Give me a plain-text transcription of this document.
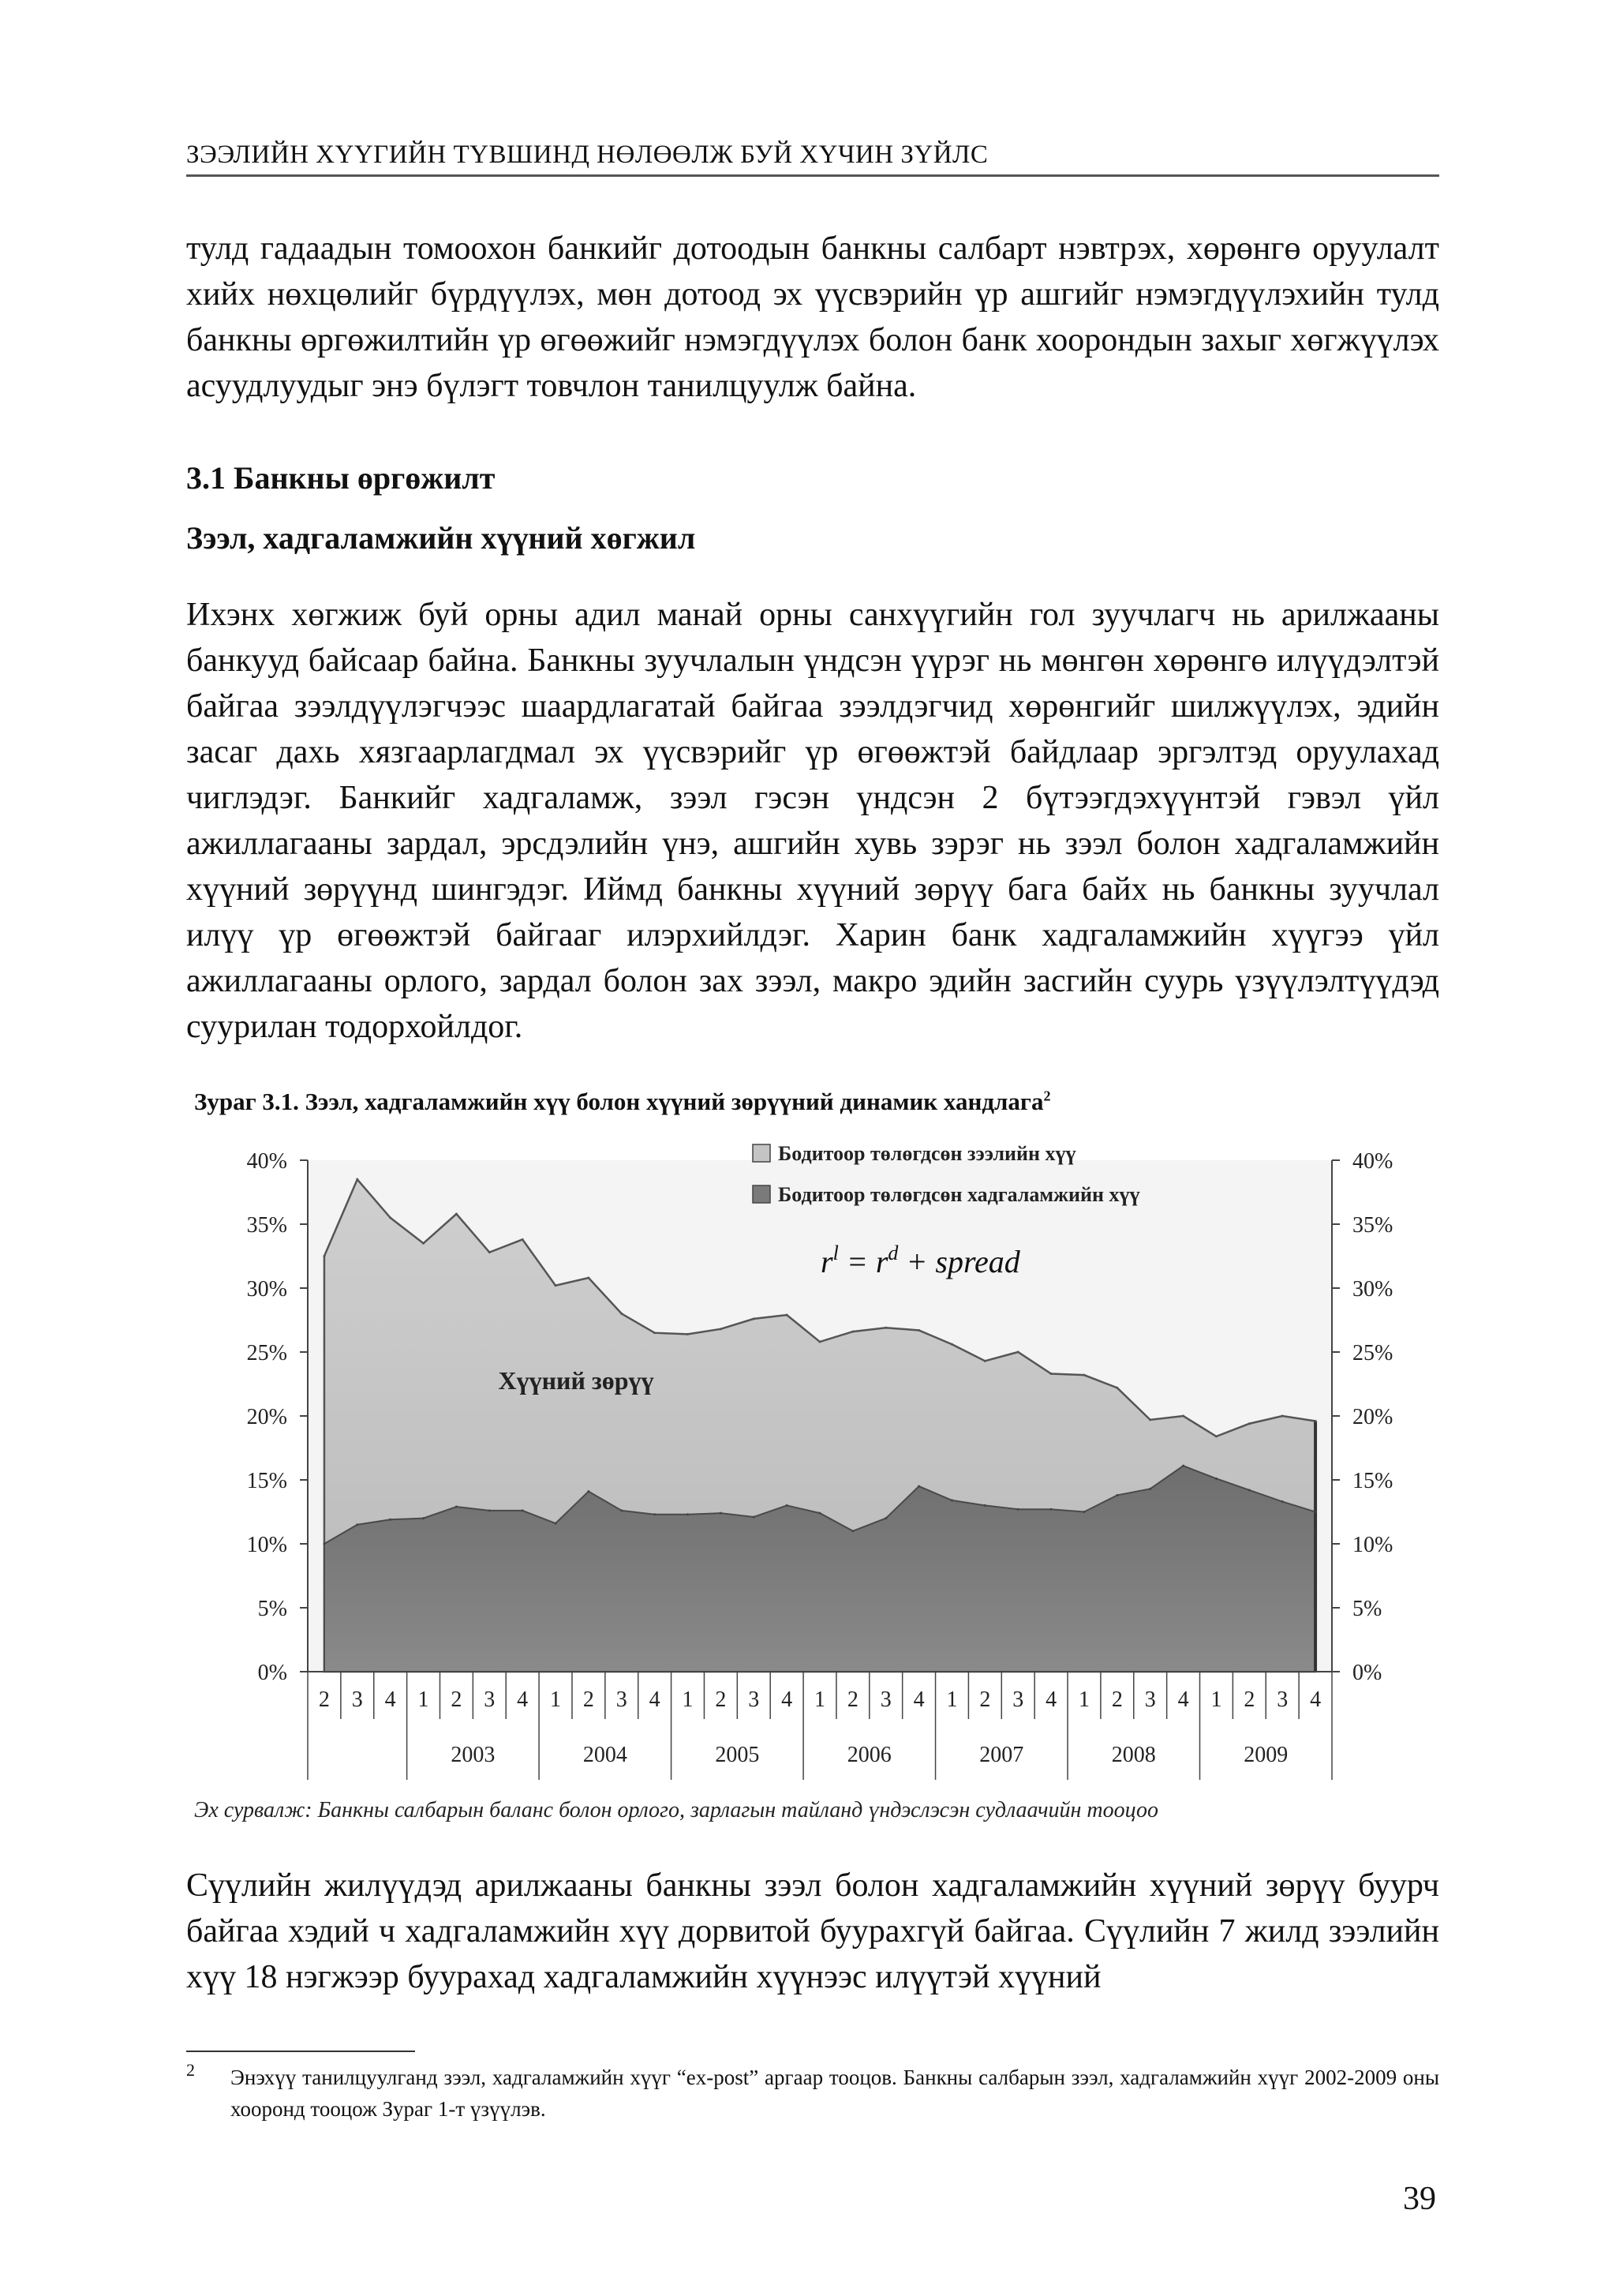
ЗЭЭЛИЙН ХҮҮГИЙН ТҮВШИНД НӨЛӨӨЛЖ БУЙ ХҮЧИН ЗҮЙЛС
тулд гадаадын томоохон банкийг дотоодын банкны салбарт нэвтрэх, хөрөнгө оруулалт хийх нөхцөлийг бүрдүүлэх, мөн дотоод эх үүсвэрийн үр ашгийг нэмэгдүүлэхийн тулд банкны өргөжилтийн үр өгөөжийг нэмэгдүүлэх болон банк хоорондын захыг хөгжүүлэх асуудлуудыг энэ бүлэгт товчлон танилцуулж байна.
3.1 Банкны өргөжилт
Зээл, хадгаламжийн хүүний хөгжил
Ихэнх хөгжиж буй орны адил манай орны санхүүгийн гол зуучлагч нь арилжааны банкууд байсаар байна. Банкны зуучлалын үндсэн үүрэг нь мөнгөн хөрөнгө илүүдэлтэй байгаа зээлдүүлэгчээс шаардлагатай байгаа зээлдэгчид хөрөнгийг шилжүүлэх, эдийн засаг дахь хязгаарлагдмал эх үүсвэрийг үр өгөөжтэй байдлаар эргэлтэд оруулахад чиглэдэг. Банкийг хадгаламж, зээл гэсэн үндсэн 2 бүтээгдэхүүнтэй гэвэл үйл ажиллагааны зардал, эрсдэлийн үнэ, ашгийн хувь зэрэг нь зээл болон хадгаламжийн хүүний зөрүүнд шингэдэг. Иймд банкны хүүний зөрүү бага байх нь банкны зуучлал илүү үр өгөөжтэй байгааг илэрхийлдэг. Харин банк хадгаламжийн хүүгээ үйл ажиллагааны орлого, зардал болон зах зээл, макро эдийн засгийн суурь үзүүлэлтүүдэд суурилан тодорхойлдог.
Зураг 3.1. Зээл, хадгаламжийн хүү болон хүүний зөрүүний динамик хандлага$^2$
0%	0%
5%	5%
10%	10%
15%	15%
20%	20%
25%	25%
30%	30%
35%	35%
40%	40%
2 3 4 1 2 3 4 1 2 3 4 1 2 3 4 1 2 3 4 1 2 3 4 1 2 3 4 1 2 3 4
2003	2004	2005	2006	2007	2008	2009
Бодитоор төлөгдсөн зээлийн хүү
Бодитоор төлөгдсөн хадгаламжийн хүү
$r^l = r^d$ + spread
Хүүний зөрүү
Эх сурвалж: Банкны салбарын баланс болон орлого, зарлагын тайланд үндэслэсэн судлаачийн тооцоо
Сүүлийн жилүүдэд арилжааны банкны зээл болон хадгаламжийн хүүний зөрүү буурч байгаа хэдий ч хадгаламжийн хүү дорвитой буурахгүй байгаа. Сүүлийн 7 жилд зээлийн хүү 18 нэгжээр буурахад хадгаламжийн хүүнээс илүүтэй хүүний
2 Энэхүү танилцуулганд зээл, хадгаламжийн хүүг “ex-post” аргаар тооцов. Банкны салбарын зээл, хадгаламжийн хүүг 2002-2009 оны хооронд тооцож Зураг 1-т үзүүлэв.
39
